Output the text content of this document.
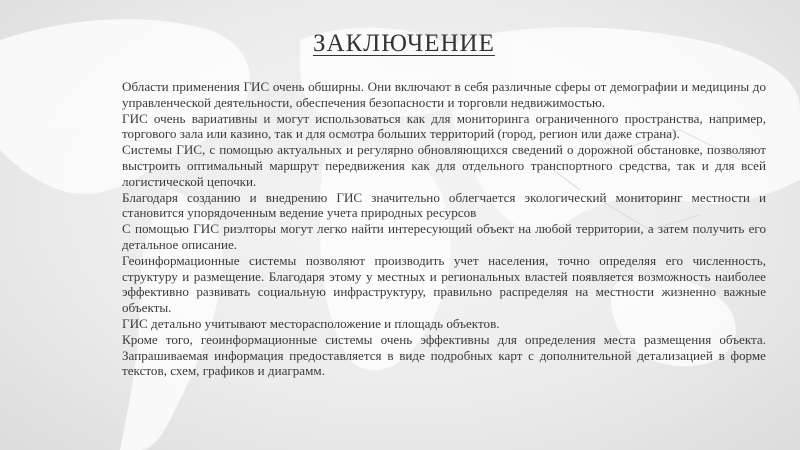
ЗАКЛЮЧЕНИЕ

Области применения ГИС очень обширны. Они включают в себя различные сферы от демографии и медицины до управленческой деятельности, обеспечения безопасности и торговли недвижимостью.

ГИС очень вариативны и могут использоваться как для мониторинга ограниченного пространства, например, торгового зала или казино, так и для осмотра больших территорий (город, регион или даже страна).

Системы ГИС, с помощью актуальных и регулярно обновляющихся сведений о дорожной обстановке, позволяют выстроить оптимальный маршрут передвижения как для отдельного транспортного средства, так и для всей логистической цепочки.

Благодаря созданию и внедрению ГИС значительно облегчается экологический мониторинг местности и становится упорядоченным ведение учета природных ресурсов

С помощью ГИС риэлторы могут легко найти интересующий объект на любой территории, а затем получить его детальное описание.

Геоинформационные системы позволяют производить учет населения, точно определяя его численность, структуру и размещение. Благодаря этому у местных и региональных властей появляется возможность наиболее эффективно развивать социальную инфраструктуру, правильно распределяя на местности жизненно важные объекты.

ГИС детально учитывают месторасположение и площадь объектов.

Кроме того, геоинформационные системы очень эффективны для определения места размещения объекта. Запрашиваемая информация предоставляется в виде подробных карт с дополнительной детализацией в форме текстов, схем, графиков и диаграмм.
